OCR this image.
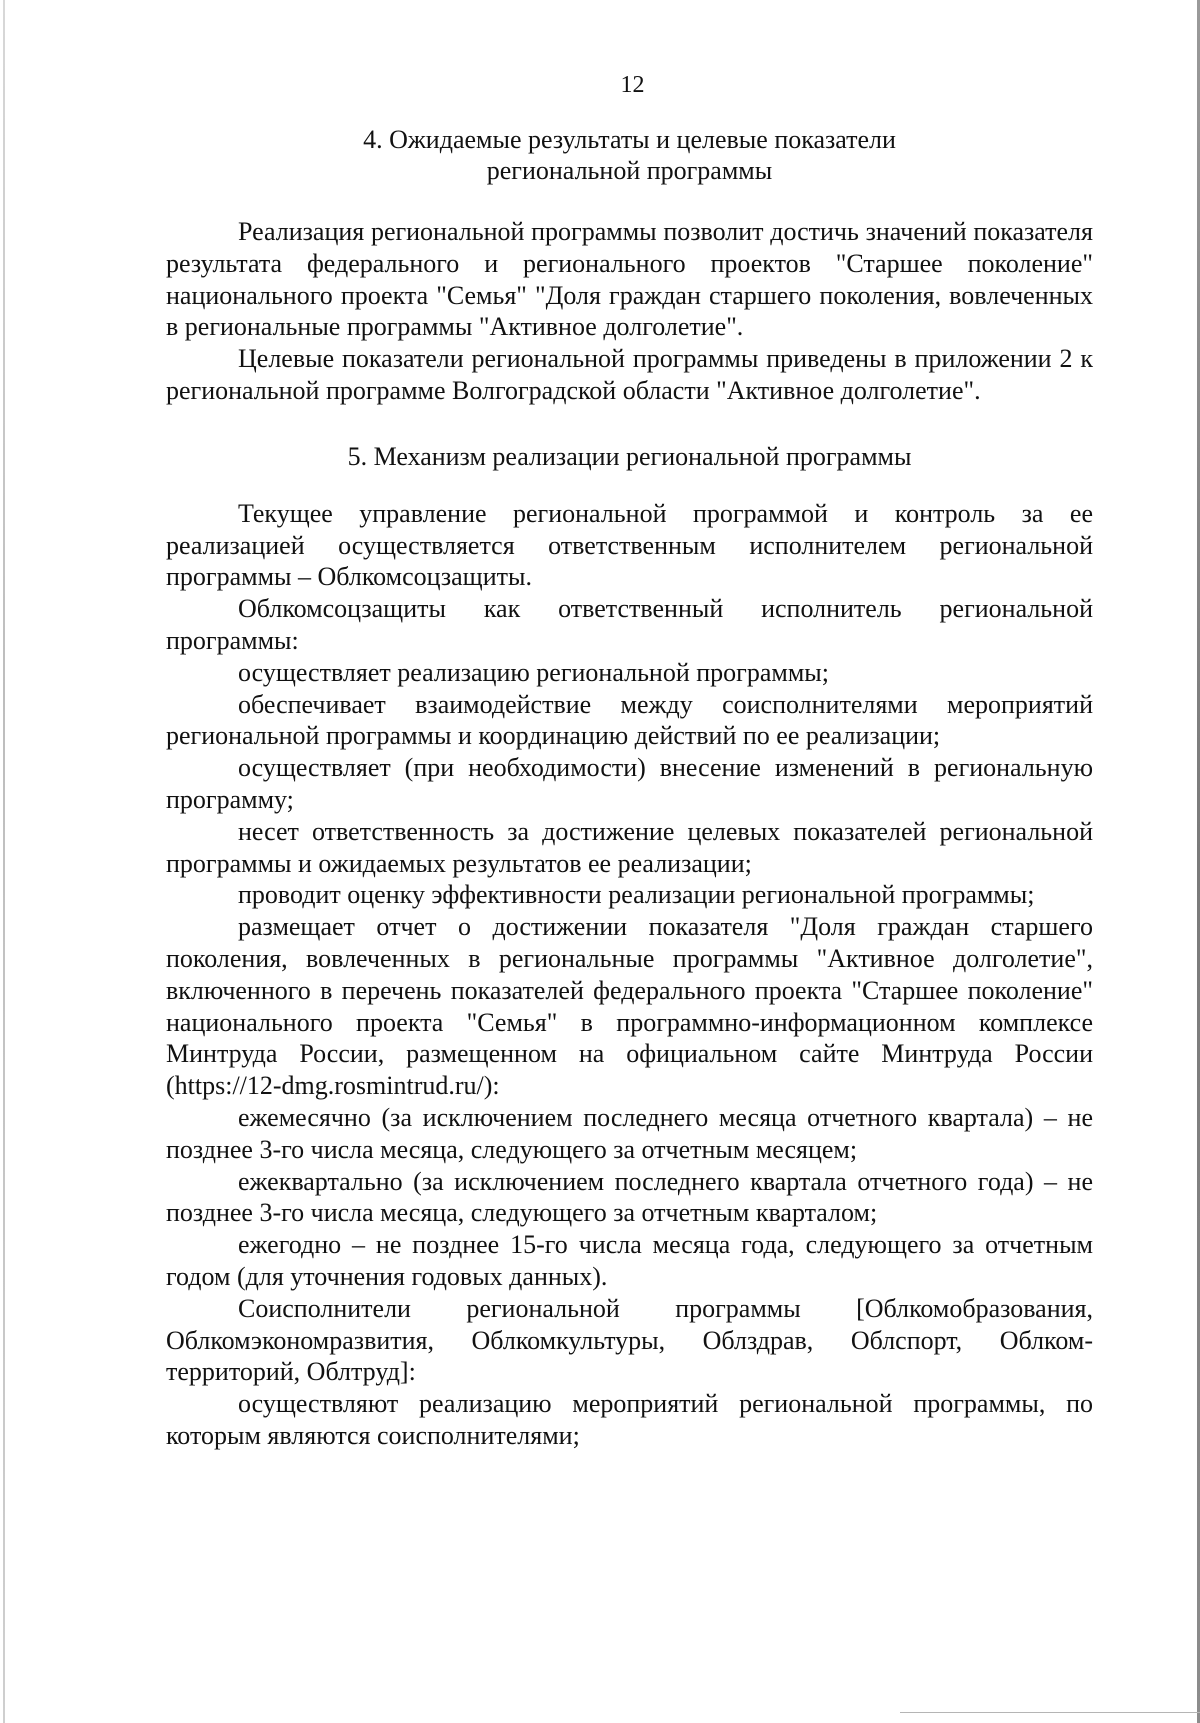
12
4. Ожидаемые результаты и целевые показатели
региональной программы

Реализация региональной программы позволит достичь значений показателя результата федерального и регионального проектов "Старшее поколение" национального проекта "Семья" "Доля граждан старшего поколения, вовлеченных в региональные программы "Активное долголетие".

Целевые показатели региональной программы приведены в приложении 2 к региональной программе Волгоградской области "Активное долголетие".

5. Механизм реализации региональной программы

Текущее управление региональной программой и контроль за ее реализацией осуществляется ответственным исполнителем региональной программы – Облкомсоцзащиты.

Облкомсоцзащиты как ответственный исполнитель региональной программы:

осуществляет реализацию региональной программы;

обеспечивает взаимодействие между соисполнителями мероприятий региональной программы и координацию действий по ее реализации;

осуществляет (при необходимости) внесение изменений в региональную программу;

несет ответственность за достижение целевых показателей региональной программы и ожидаемых результатов ее реализации;

проводит оценку эффективности реализации региональной программы;

размещает отчет о достижении показателя "Доля граждан старшего поколения, вовлеченных в региональные программы "Активное долголетие", включенного в перечень показателей федерального проекта "Старшее поколение" национального проекта "Семья" в программно-информационном комплексе Минтруда России, размещенном на официальном сайте Минтруда России (https://12-dmg.rosmintrud.ru/):

ежемесячно (за исключением последнего месяца отчетного квартала) – не позднее 3-го числа месяца, следующего за отчетным месяцем;

ежеквартально (за исключением последнего квартала отчетного года) – не позднее 3-го числа месяца, следующего за отчетным кварталом;

ежегодно – не позднее 15-го числа месяца года, следующего за отчетным годом (для уточнения годовых данных).

Соисполнители региональной программы [Облкомобразования, Облкомэкономразвития, Облкомкультуры, Облздрав, Облспорт, Облкомтерриторий, Облтруд]:

осуществляют реализацию мероприятий региональной программы, по которым являются соисполнителями;
